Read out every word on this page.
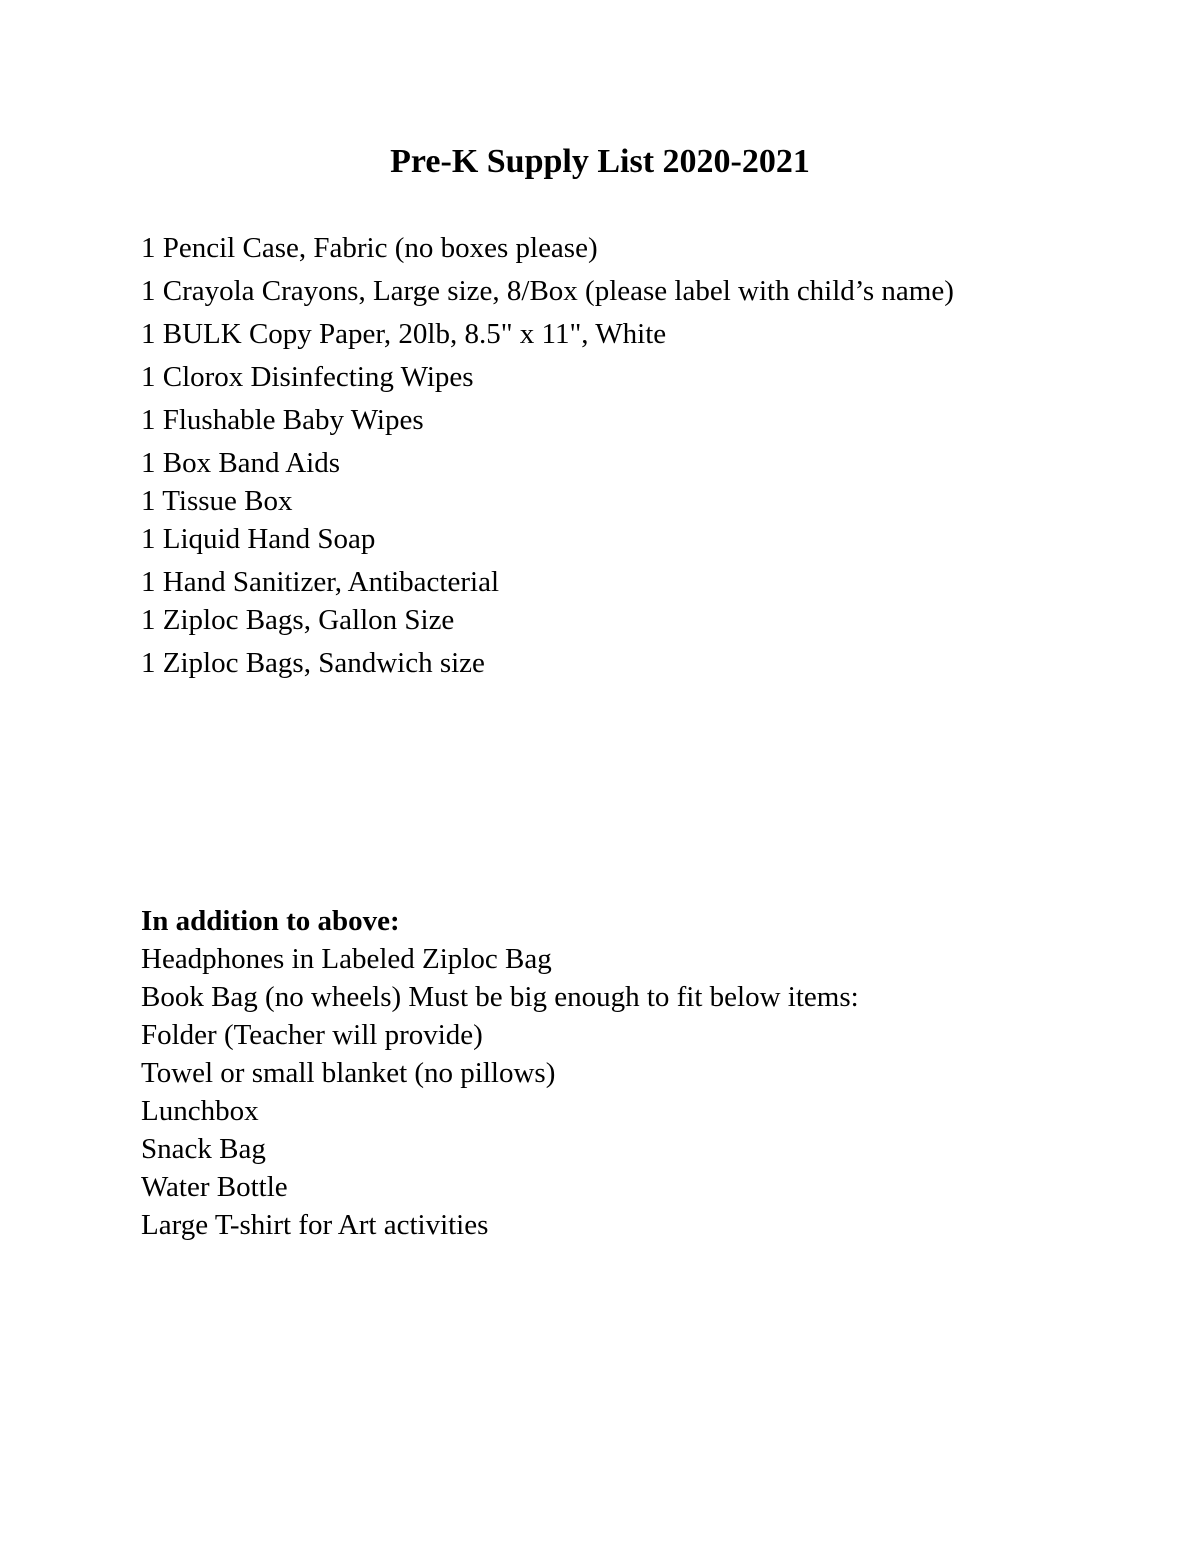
Pre-K Supply List 2020-2021
1 Pencil Case, Fabric (no boxes please)
1 Crayola Crayons, Large size, 8/Box (please label with child’s name)
1 BULK Copy Paper, 20lb, 8.5" x 11", White
1 Clorox Disinfecting Wipes
1 Flushable Baby Wipes
1 Box Band Aids
1 Tissue Box
1 Liquid Hand Soap
1 Hand Sanitizer, Antibacterial
1 Ziploc Bags, Gallon Size
1 Ziploc Bags, Sandwich size

In addition to above:

Headphones in Labeled Ziploc Bag
Book Bag (no wheels) Must be big enough to fit below items:
Folder (Teacher will provide)
Towel or small blanket (no pillows)
Lunchbox
Snack Bag
Water Bottle
Large T-shirt for Art activities
